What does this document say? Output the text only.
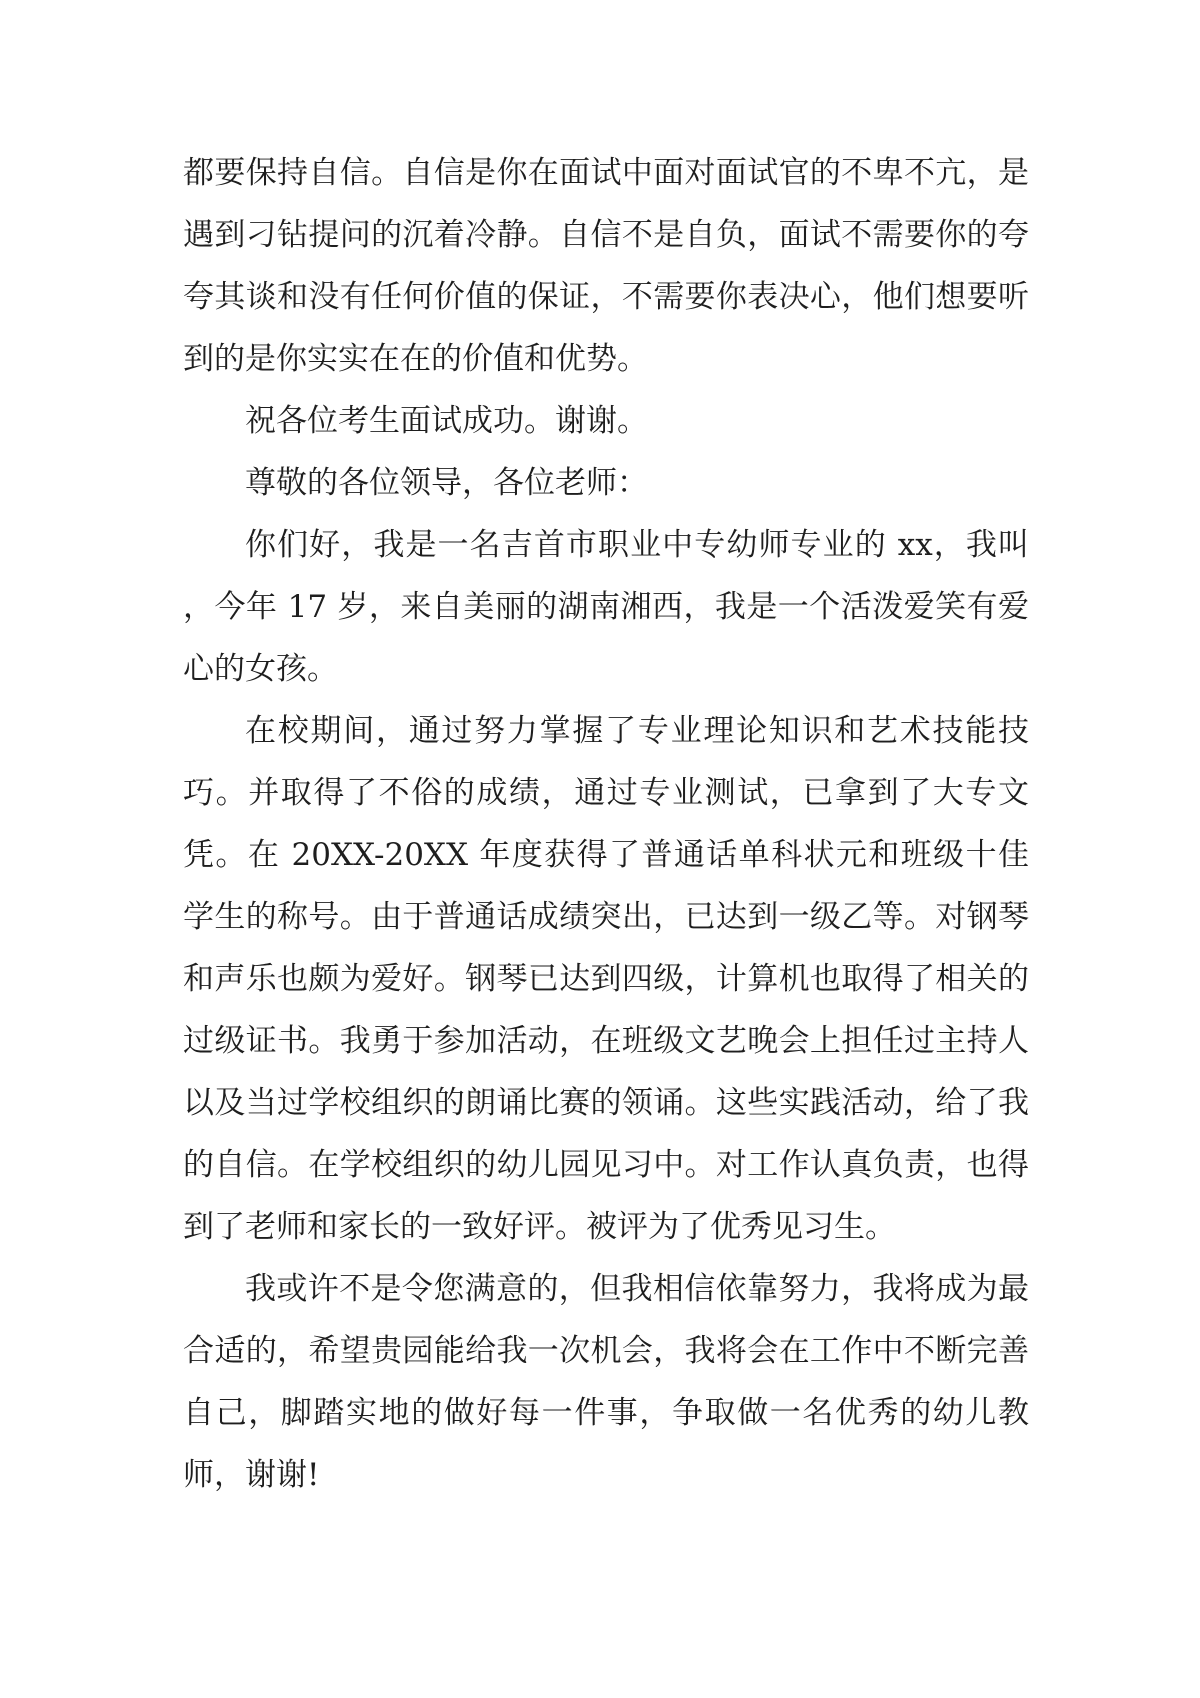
都要保持自信。自信是你在面试中面对面试官的不卑不亢，是遇到刁钻提问的沉着冷静。自信不是自负，面试不需要你的夸夸其谈和没有任何价值的保证，不需要你表决心，他们想要听到的是你实实在在的价值和优势。

祝各位考生面试成功。谢谢。

尊敬的各位领导，各位老师：

你们好，我是一名吉首市职业中专幼师专业的 xx，我叫 ，今年 17 岁，来自美丽的湖南湘西，我是一个活泼爱笑有爱心的女孩。

在校期间，通过努力掌握了专业理论知识和艺术技能技巧。并取得了不俗的成绩，通过专业测试，已拿到了大专文凭。在 20XX-20XX 年度获得了普通话单科状元和班级十佳学生的称号。由于普通话成绩突出，已达到一级乙等。对钢琴和声乐也颇为爱好。钢琴已达到四级，计算机也取得了相关的过级证书。我勇于参加活动，在班级文艺晚会上担任过主持人以及当过学校组织的朗诵比赛的领诵。这些实践活动，给了我的自信。在学校组织的幼儿园见习中。对工作认真负责，也得到了老师和家长的一致好评。被评为了优秀见习生。

我或许不是令您满意的，但我相信依靠努力，我将成为最合适的，希望贵园能给我一次机会，我将会在工作中不断完善自己，脚踏实地的做好每一件事，争取做一名优秀的幼儿教师，谢谢!
